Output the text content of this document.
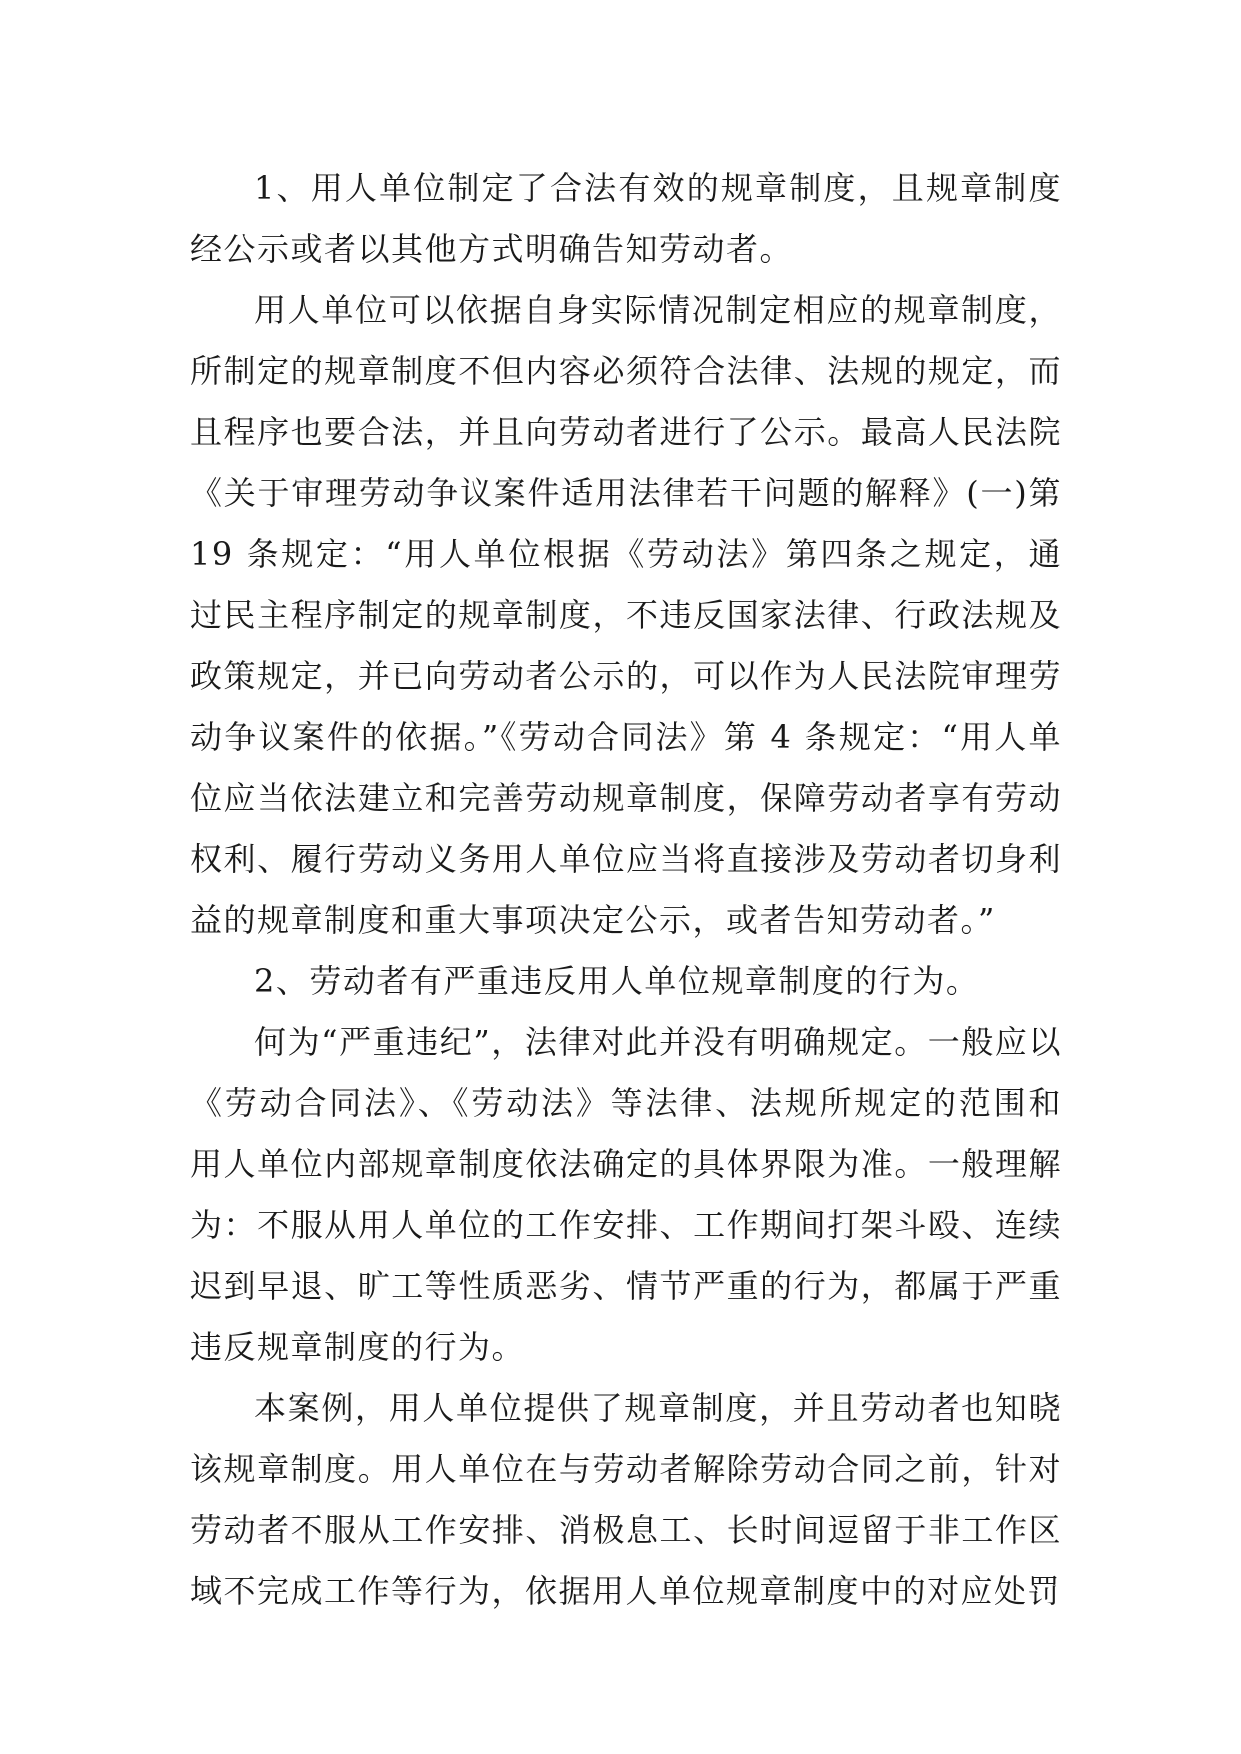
1、用人单位制定了合法有效的规章制度，且规章制度经公示或者以其他方式明确告知劳动者。

用人单位可以依据自身实际情况制定相应的规章制度，所制定的规章制度不但内容必须符合法律、法规的规定，而且程序也要合法，并且向劳动者进行了公示。最高人民法院《关于审理劳动争议案件适用法律若干问题的解释》(一)第 19 条规定：“用人单位根据《劳动法》第四条之规定，通过民主程序制定的规章制度，不违反国家法律、行政法规及政策规定，并已向劳动者公示的，可以作为人民法院审理劳动争议案件的依据。”《劳动合同法》第 4 条规定：“用人单位应当依法建立和完善劳动规章制度，保障劳动者享有劳动权利、履行劳动义务用人单位应当将直接涉及劳动者切身利益的规章制度和重大事项决定公示，或者告知劳动者。”

2、劳动者有严重违反用人单位规章制度的行为。

何为“严重违纪”，法律对此并没有明确规定。一般应以《劳动合同法》、《劳动法》等法律、法规所规定的范围和用人单位内部规章制度依法确定的具体界限为准。一般理解为：不服从用人单位的工作安排、工作期间打架斗殴、连续迟到早退、旷工等性质恶劣、情节严重的行为，都属于严重违反规章制度的行为。

本案例，用人单位提供了规章制度，并且劳动者也知晓该规章制度。用人单位在与劳动者解除劳动合同之前，针对劳动者不服从工作安排、消极息工、长时间逗留于非工作区域不完成工作等行为，依据用人单位规章制度中的对应处罚
